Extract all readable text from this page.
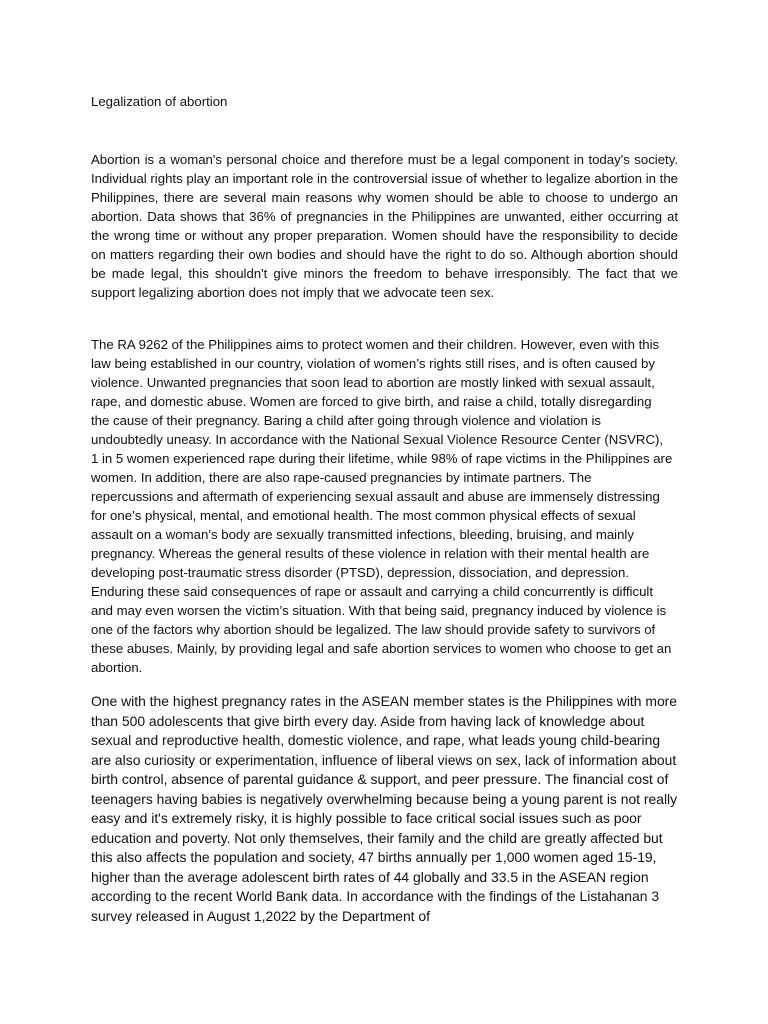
Legalization of abortion

Abortion is a woman's personal choice and therefore must be a legal component in today's society. Individual rights play an important role in the controversial issue of whether to legalize abortion in the Philippines, there are several main reasons why women should be able to choose to undergo an abortion. Data shows that 36% of pregnancies in the Philippines are unwanted, either occurring at the wrong time or without any proper preparation. Women should have the responsibility to decide on matters regarding their own bodies and should have the right to do so. Although abortion should be made legal, this shouldn't give minors the freedom to behave irresponsibly. The fact that we support legalizing abortion does not imply that we advocate teen sex.

The RA 9262 of the Philippines aims to protect women and their children. However, even with this law being established in our country, violation of women’s rights still rises, and is often caused by violence. Unwanted pregnancies that soon lead to abortion are mostly linked with sexual assault, rape, and domestic abuse. Women are forced to give birth, and raise a child, totally disregarding the cause of their pregnancy. Baring a child after going through violence and violation is undoubtedly uneasy. In accordance with the National Sexual Violence Resource Center (NSVRC), 1 in 5 women experienced rape during their lifetime, while 98% of rape victims in the Philippines are women. In addition, there are also rape-caused pregnancies by intimate partners. The repercussions and aftermath of experiencing sexual assault and abuse are immensely distressing for one’s physical, mental, and emotional health. The most common physical effects of sexual assault on a woman’s body are sexually transmitted infections, bleeding, bruising, and mainly pregnancy. Whereas the general results of these violence in relation with their mental health are developing post-traumatic stress disorder (PTSD), depression, dissociation, and depression. Enduring these said consequences of rape or assault and carrying a child concurrently is difficult and may even worsen the victim’s situation. With that being said, pregnancy induced by violence is one of the factors why abortion should be legalized. The law should provide safety to survivors of these abuses. Mainly, by providing legal and safe abortion services to women who choose to get an abortion.

One with the highest pregnancy rates in the ASEAN member states is the Philippines with more than 500 adolescents that give birth every day. Aside from having lack of knowledge about sexual and reproductive health, domestic violence, and rape, what leads young child-bearing are also curiosity or experimentation, influence of liberal views on sex, lack of information about birth control, absence of parental guidance & support, and peer pressure. The financial cost of teenagers having babies is negatively overwhelming because being a young parent is not really easy and it's extremely risky, it is highly possible to face critical social issues such as poor education and poverty. Not only themselves, their family and the child are greatly affected but this also affects the population and society, 47 births annually per 1,000 women aged 15-19, higher than the average adolescent birth rates of 44 globally and 33.5 in the ASEAN region according to the recent World Bank data. In accordance with the findings of the Listahanan 3 survey released in August 1,2022 by the Department of
